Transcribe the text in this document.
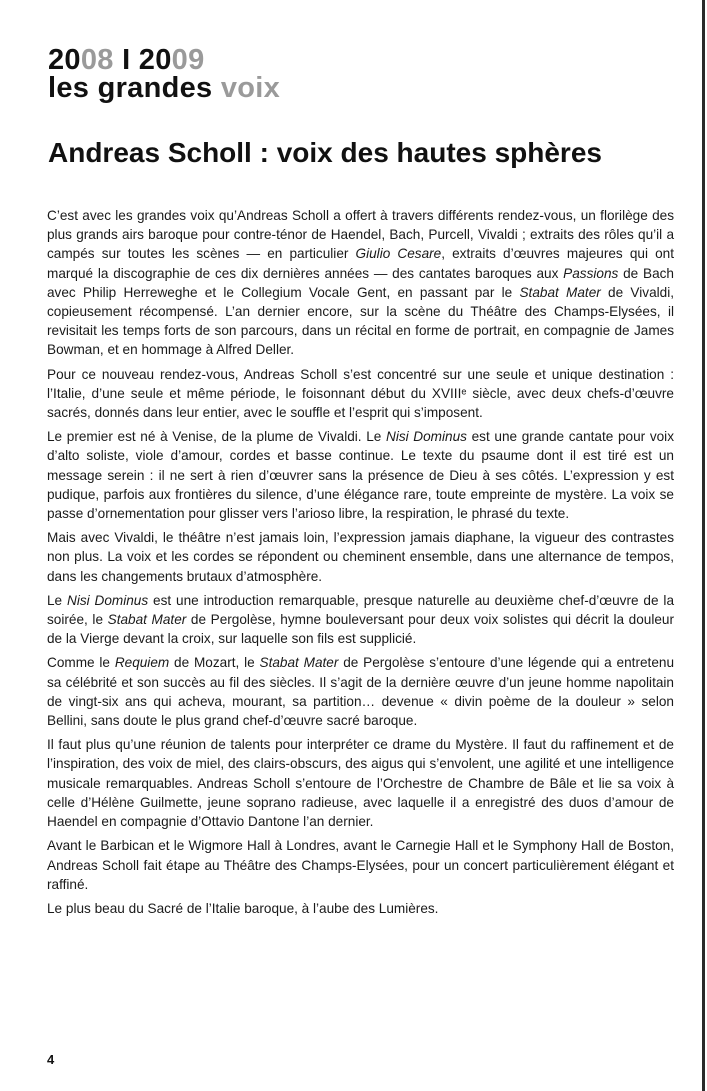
2008 I 2009
les grandes voix
Andreas Scholl : voix des hautes sphères

C’est avec les grandes voix qu’Andreas Scholl a offert à travers différents rendez-vous, un florilège des plus grands airs baroque pour contre-ténor de Haendel, Bach, Purcell, Vivaldi ; extraits des rôles qu’il a campés sur toutes les scènes — en particulier Giulio Cesare, extraits d’œuvres majeures qui ont marqué la discographie de ces dix dernières années — des cantates baroques aux Passions de Bach avec Philip Herreweghe et le Collegium Vocale Gent, en passant par le Stabat Mater de Vivaldi, copieusement récompensé. L’an dernier encore, sur la scène du Théâtre des Champs-Elysées, il revisitait les temps forts de son parcours, dans un récital en forme de portrait, en compagnie de James Bowman, et en hommage à Alfred Deller.

Pour ce nouveau rendez-vous, Andreas Scholl s’est concentré sur une seule et unique destination : l’Italie, d’une seule et même période, le foisonnant début du XVIIIᵉ siècle, avec deux chefs-d’œuvre sacrés, donnés dans leur entier, avec le souffle et l’esprit qui s’imposent.

Le premier est né à Venise, de la plume de Vivaldi. Le Nisi Dominus est une grande cantate pour voix d’alto soliste, viole d’amour, cordes et basse continue. Le texte du psaume dont il est tiré est un message serein : il ne sert à rien d’œuvrer sans la présence de Dieu à ses côtés. L’expression y est pudique, parfois aux frontières du silence, d’une élégance rare, toute empreinte de mystère. La voix se passe d’ornementation pour glisser vers l’arioso libre, la respiration, le phrasé du texte.

Mais avec Vivaldi, le théâtre n’est jamais loin, l’expression jamais diaphane, la vigueur des contrastes non plus. La voix et les cordes se répondent ou cheminent ensemble, dans une alternance de tempos, dans les changements brutaux d’atmosphère.

Le Nisi Dominus est une introduction remarquable, presque naturelle au deuxième chef-d’œuvre de la soirée, le Stabat Mater de Pergolèse, hymne bouleversant pour deux voix solistes qui décrit la douleur de la Vierge devant la croix, sur laquelle son fils est supplicié.

Comme le Requiem de Mozart, le Stabat Mater de Pergolèse s’entoure d’une légende qui a entretenu sa célébrité et son succès au fil des siècles. Il s’agit de la dernière œuvre d’un jeune homme napolitain de vingt-six ans qui acheva, mourant, sa partition… devenue « divin poème de la douleur » selon Bellini, sans doute le plus grand chef-d’œuvre sacré baroque.

Il faut plus qu’une réunion de talents pour interpréter ce drame du Mystère. Il faut du raffinement et de l’inspiration, des voix de miel, des clairs-obscurs, des aigus qui s’envolent, une agilité et une intelligence musicale remarquables. Andreas Scholl s’entoure de l’Orchestre de Chambre de Bâle et lie sa voix à celle d’Hélène Guilmette, jeune soprano radieuse, avec laquelle il a enregistré des duos d’amour de Haendel en compagnie d’Ottavio Dantone l’an dernier.

Avant le Barbican et le Wigmore Hall à Londres, avant le Carnegie Hall et le Symphony Hall de Boston, Andreas Scholl fait étape au Théâtre des Champs-Elysées, pour un concert particulièrement élégant et raffiné.

Le plus beau du Sacré de l’Italie baroque, à l’aube des Lumières.

4
